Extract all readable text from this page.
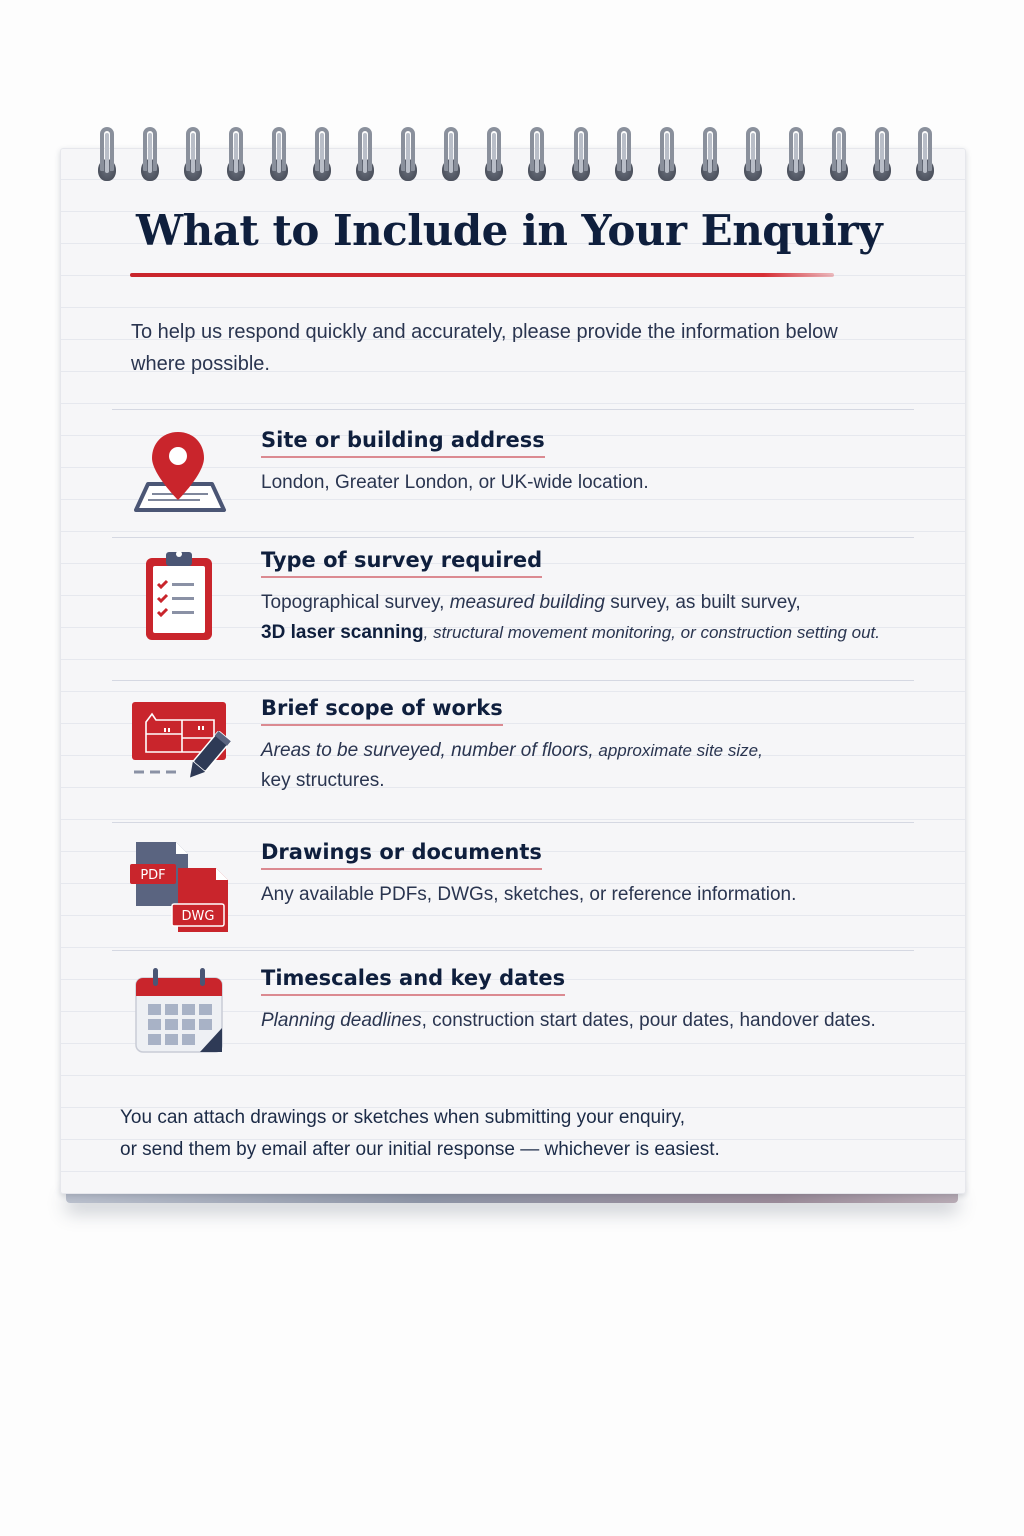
What to Include in Your Enquiry

To help us respond quickly and accurately, please provide the information below where possible.

Site or building address

London, Greater London, or UK-wide location.

Type of survey required

Topographical survey, measured building survey, as built survey,
3D laser scanning, structural movement monitoring, or construction setting out.

Brief scope of works

Areas to be surveyed, number of floors, approximate site size,
key structures.

PDF
DWG
Drawings or documents

Any available PDFs, DWGs, sketches, or reference information.

Timescales and key dates

Planning deadlines, construction start dates, pour dates, handover dates.

You can attach drawings or sketches when submitting your enquiry,
or send them by email after our initial response — whichever is easiest.
